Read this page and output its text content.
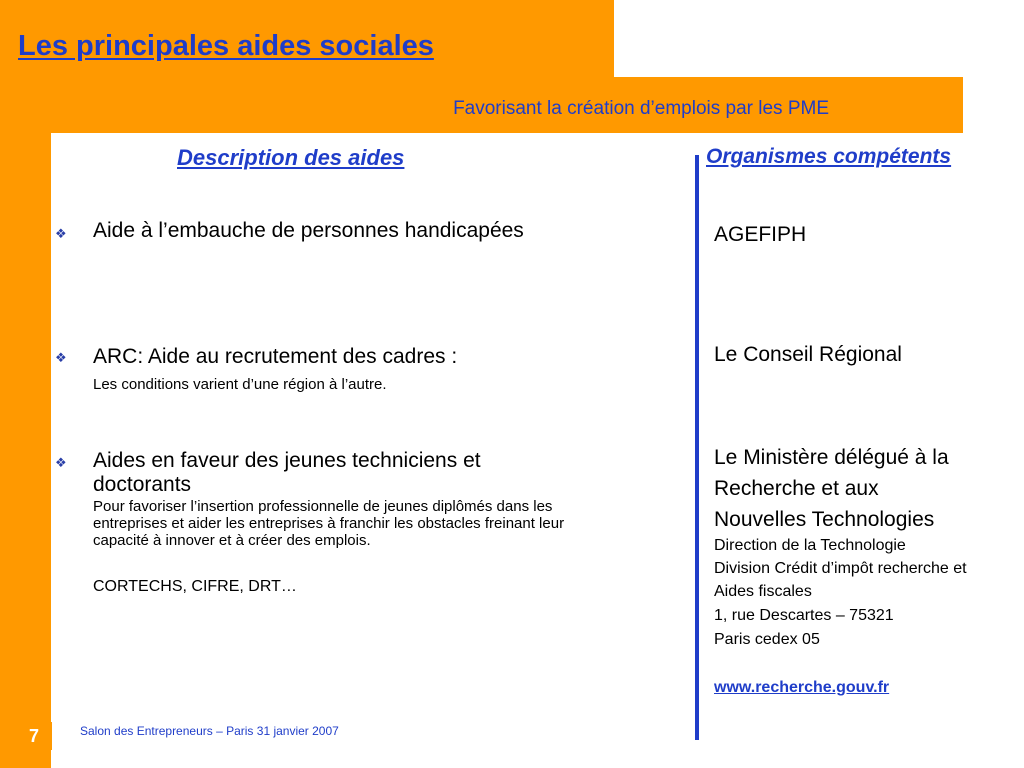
Les principales aides sociales
Favorisant la création d’emplois par les PME
Description des aides	Organismes compétents
❖ Aide à l’embauche de personnes handicapées
❖ ARC: Aide au recrutement des cadres :
Les conditions varient d’une région à l’autre.
❖ Aides en faveur des jeunes techniciens et
doctorants
Pour favoriser l’insertion professionnelle de jeunes diplômés dans les entreprises et aider les entreprises à franchir les obstacles freinant leur capacité à innover et à créer des emplois.
CORTECHS, CIFRE, DRT…
AGEFIPH
Le Conseil Régional
Le Ministère délégué à la
Recherche et aux
Nouvelles Technologies
Direction de la Technologie
Division Crédit d’impôt recherche et
Aides fiscales
1, rue Descartes – 75321
Paris cedex 05
www.recherche.gouv.fr
7	Salon des Entrepreneurs – Paris 31 janvier 2007
